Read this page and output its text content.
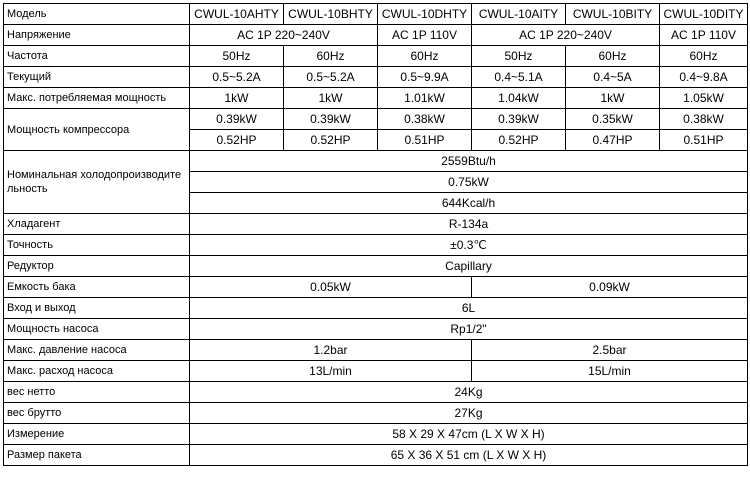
Модель	CWUL-10AHTY	CWUL-10BHTY	CWUL-10DHTY	CWUL-10AITY	CWUL-10BITY	CWUL-10DITY
Напряжение	AC 1P 220~240V		AC 1P 110V	AC 1P 220~240V		AC 1P 110V
Частота	50Hz	60Hz	60Hz	50Hz	60Hz	60Hz
Текущий	0.5~5.2A	0.5~5.2A	0.5~9.9A	0.4~5.1A	0.4~5A	0.4~9.8A
Макс. потребляемая мощность	1kW	1kW	1.01kW	1.04kW	1kW	1.05kW
Мощность компрессора	0.39kW	0.39kW	0.38kW	0.39kW	0.35kW	0.38kW
	0.52HP	0.52HP	0.51HP	0.52HP	0.47HP	0.51HP
Номинальная холодопроизводительность	2559Btu/h					
	0.75kW					
	644Kcal/h					
Хладагент	R-134a					
Точность	±0.3℃					
Редуктор	Capillary					
Емкость бака	0.05kW			0.09kW		
Вход и выход	6L					
Мощность насоса	Rp1/2"					
Макс. давление насоса	1.2bar			2.5bar		
Макс. расход насоса	13L/min			15L/min		
вес нетто	24Kg					
вес брутто	27Kg					
Измерение	58 X 29 X 47cm (L X W X H)					
Размер пакета	65 X 36 X 51 cm (L X W X H)					
